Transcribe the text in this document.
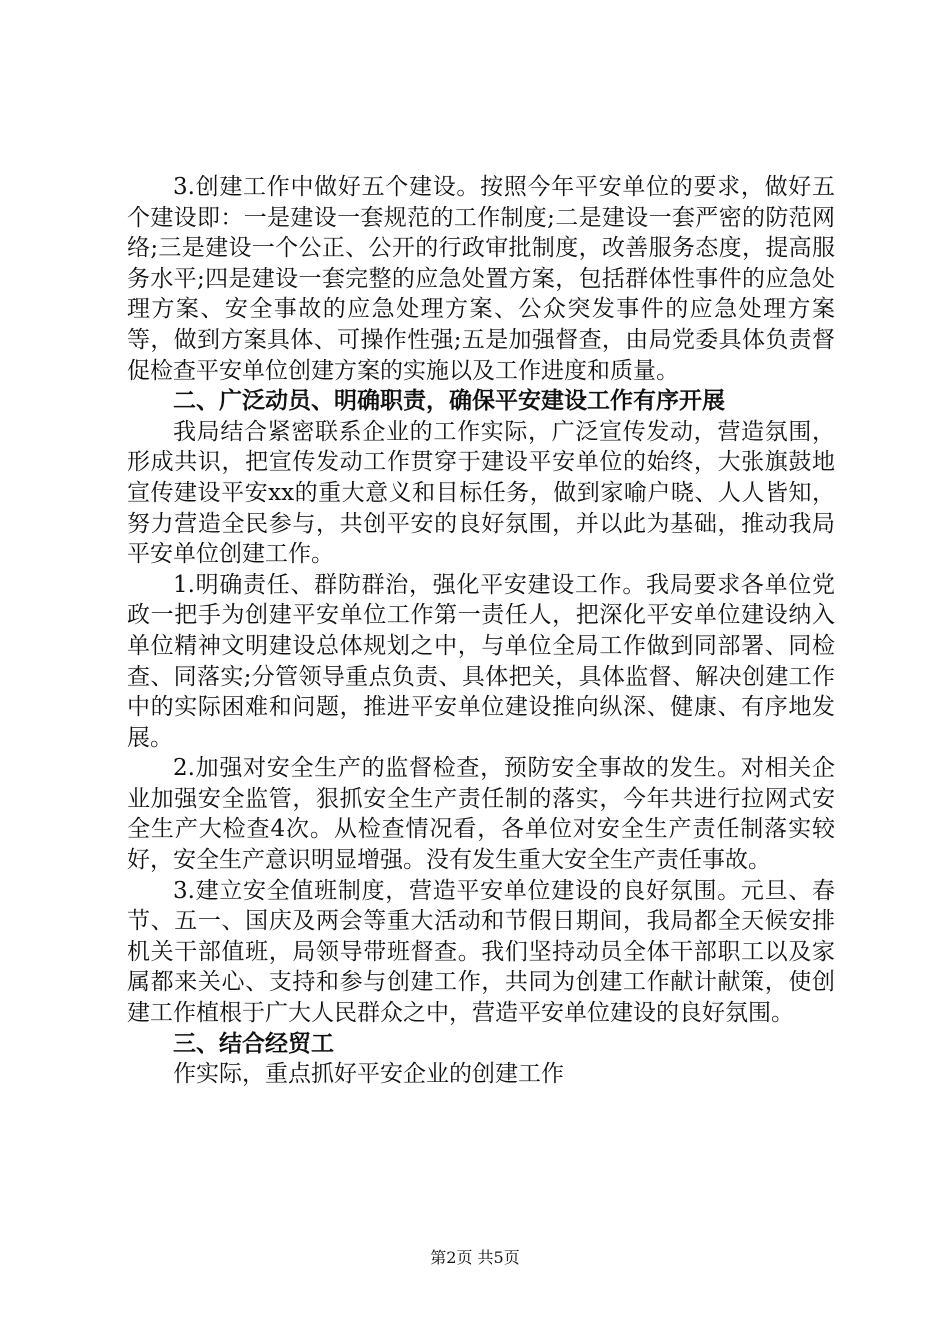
3.创建工作中做好五个建设。按照今年平安单位的要求，做好五个建设即：一是建设一套规范的工作制度;二是建设一套严密的防范网络;三是建设一个公正、公开的行政审批制度，改善服务态度，提高服务水平;四是建设一套完整的应急处置方案，包括群体性事件的应急处理方案、安全事故的应急处理方案、公众突发事件的应急处理方案等，做到方案具体、可操作性强;五是加强督查，由局党委具体负责督促检查平安单位创建方案的实施以及工作进度和质量。

二、广泛动员、明确职责，确保平安建设工作有序开展

我局结合紧密联系企业的工作实际，广泛宣传发动，营造氛围，形成共识，把宣传发动工作贯穿于建设平安单位的始终，大张旗鼓地宣传建设平安xx的重大意义和目标任务，做到家喻户晓、人人皆知，努力营造全民参与，共创平安的良好氛围，并以此为基础，推动我局平安单位创建工作。

1.明确责任、群防群治，强化平安建设工作。我局要求各单位党政一把手为创建平安单位工作第一责任人，把深化平安单位建设纳入单位精神文明建设总体规划之中，与单位全局工作做到同部署、同检查、同落实;分管领导重点负责、具体把关，具体监督、解决创建工作中的实际困难和问题，推进平安单位建设推向纵深、健康、有序地发展。

2.加强对安全生产的监督检查，预防安全事故的发生。对相关企业加强安全监管，狠抓安全生产责任制的落实，今年共进行拉网式安全生产大检查4次。从检查情况看，各单位对安全生产责任制落实较好，安全生产意识明显增强。没有发生重大安全生产责任事故。

3.建立安全值班制度，营造平安单位建设的良好氛围。元旦、春节、五一、国庆及两会等重大活动和节假日期间，我局都全天候安排机关干部值班，局领导带班督查。我们坚持动员全体干部职工以及家属都来关心、支持和参与创建工作，共同为创建工作献计献策，使创建工作植根于广大人民群众之中，营造平安单位建设的良好氛围。

三、结合经贸工

作实际，重点抓好平安企业的创建工作

第2页 共5页
